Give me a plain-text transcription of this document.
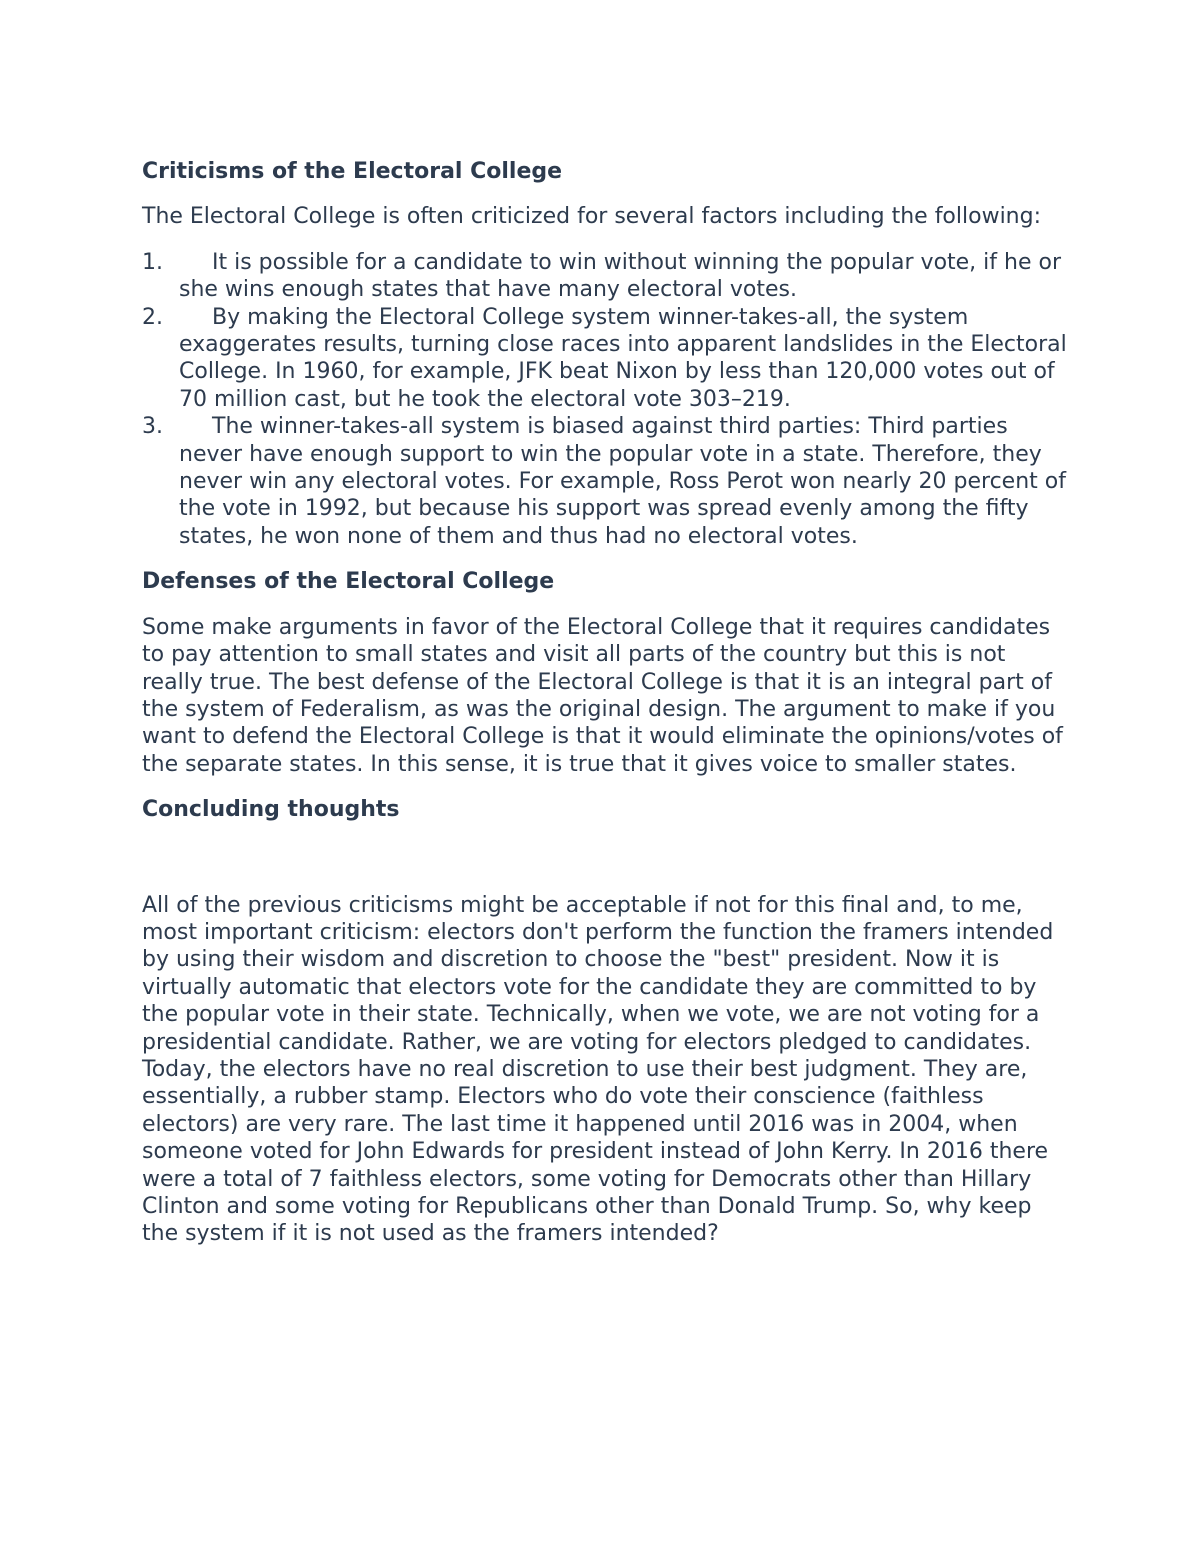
Criticisms of the Electoral College

The Electoral College is often criticized for several factors including the following:

1. It is possible for a candidate to win without winning the popular vote, if he or she wins enough states that have many electoral votes.
2. By making the Electoral College system winner-takes-all, the system exaggerates results, turning close races into apparent landslides in the Electoral College. In 1960, for example, JFK beat Nixon by less than 120,000 votes out of 70 million cast, but he took the electoral vote 303–219.
3. The winner-takes-all system is biased against third parties: Third parties never have enough support to win the popular vote in a state. Therefore, they never win any electoral votes. For example, Ross Perot won nearly 20 percent of the vote in 1992, but because his support was spread evenly among the fifty states, he won none of them and thus had no electoral votes.
Defenses of the Electoral College

Some make arguments in favor of the Electoral College that it requires candidates to pay attention to small states and visit all parts of the country but this is not really true. The best defense of the Electoral College is that it is an integral part of the system of Federalism, as was the original design. The argument to make if you want to defend the Electoral College is that it would eliminate the opinions/votes of the separate states. In this sense, it is true that it gives voice to smaller states.

Concluding thoughts

All of the previous criticisms might be acceptable if not for this final and, to me, most important criticism: electors don't perform the function the framers intended by using their wisdom and discretion to choose the "best" president. Now it is virtually automatic that electors vote for the candidate they are committed to by the popular vote in their state. Technically, when we vote, we are not voting for a presidential candidate. Rather, we are voting for electors pledged to candidates. Today, the electors have no real discretion to use their best judgment. They are, essentially, a rubber stamp. Electors who do vote their conscience (faithless electors) are very rare. The last time it happened until 2016 was in 2004, when someone voted for John Edwards for president instead of John Kerry. In 2016 there were a total of 7 faithless electors, some voting for Democrats other than Hillary Clinton and some voting for Republicans other than Donald Trump. So, why keep the system if it is not used as the framers intended?
